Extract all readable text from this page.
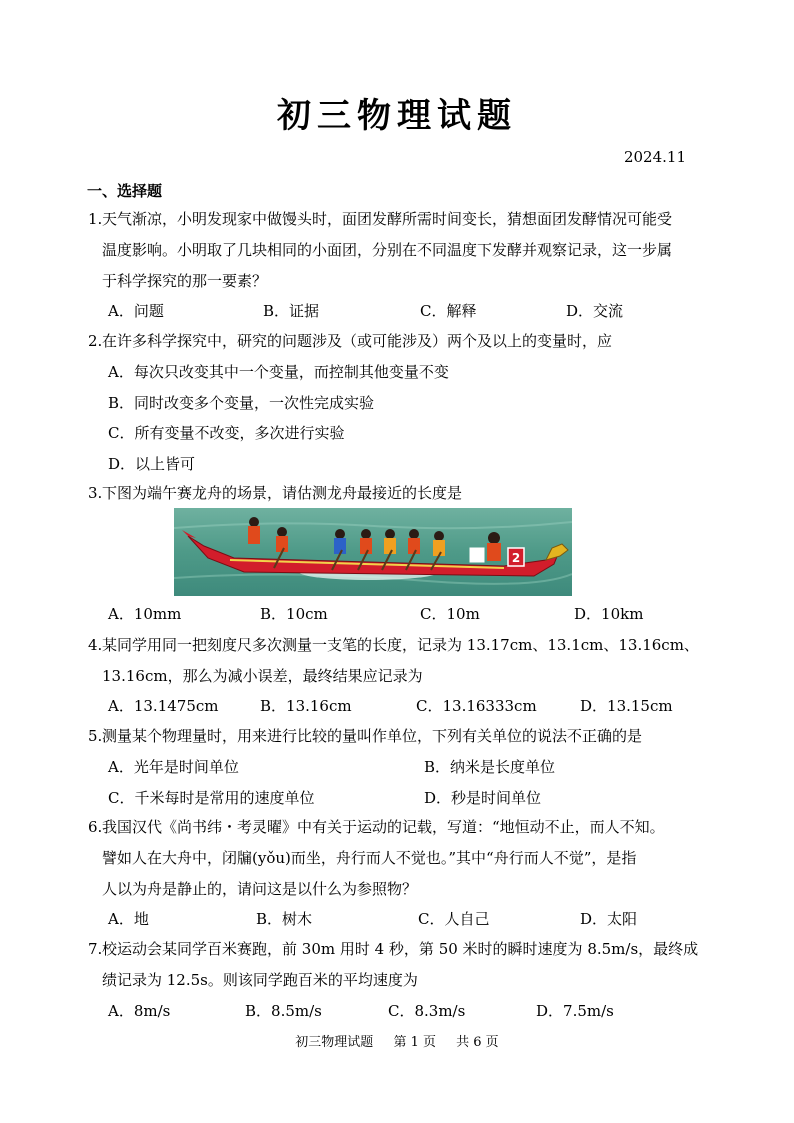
初三物理试题
2024.11
一、选择题
1.天气渐凉，小明发现家中做馒头时，面团发酵所需时间变长，猜想面团发酵情况可能受
温度影响。小明取了几块相同的小面团，分别在不同温度下发酵并观察记录，这一步属
于科学探究的那一要素？
A．问题	B．证据	C．解释	D．交流
2.在许多科学探究中，研究的问题涉及（或可能涉及）两个及以上的变量时，应
A．每次只改变其中一个变量，而控制其他变量不变
B．同时改变多个变量，一次性完成实验
C．所有变量不改变，多次进行实验
D．以上皆可
3.下图为端午赛龙舟的场景，请估测龙舟最接近的长度是
2
A．10mm	B．10cm	C．10m	D．10km
4.某同学用同一把刻度尺多次测量一支笔的长度，记录为 13.17cm、13.1cm、13.16cm、
13.16cm，那么为减小误差，最终结果应记录为
A．13.1475cm	B．13.16cm	C．13.16333cm	D．13.15cm
5.测量某个物理量时，用来进行比较的量叫作单位，下列有关单位的说法不正确的是
A．光年是时间单位	B．纳米是长度单位
C．千米每时是常用的速度单位	D．秒是时间单位
6.我国汉代《尚书纬・考灵曜》中有关于运动的记载，写道：“地恒动不止，而人不知。
譬如人在大舟中，闭牖(yǒu)而坐，舟行而人不觉也。”其中“舟行而人不觉”，是指
人以为舟是静止的，请问这是以什么为参照物？
A．地	B．树木	C．人自己	D．太阳
7.校运动会某同学百米赛跑，前 30m 用时 4 秒，第 50 米时的瞬时速度为 8.5m/s，最终成
绩记录为 12.5s。则该同学跑百米的平均速度为
A．8m/s	B．8.5m/s	C．8.3m/s	D．7.5m/s
初三物理试题 第 1 页 共 6 页
